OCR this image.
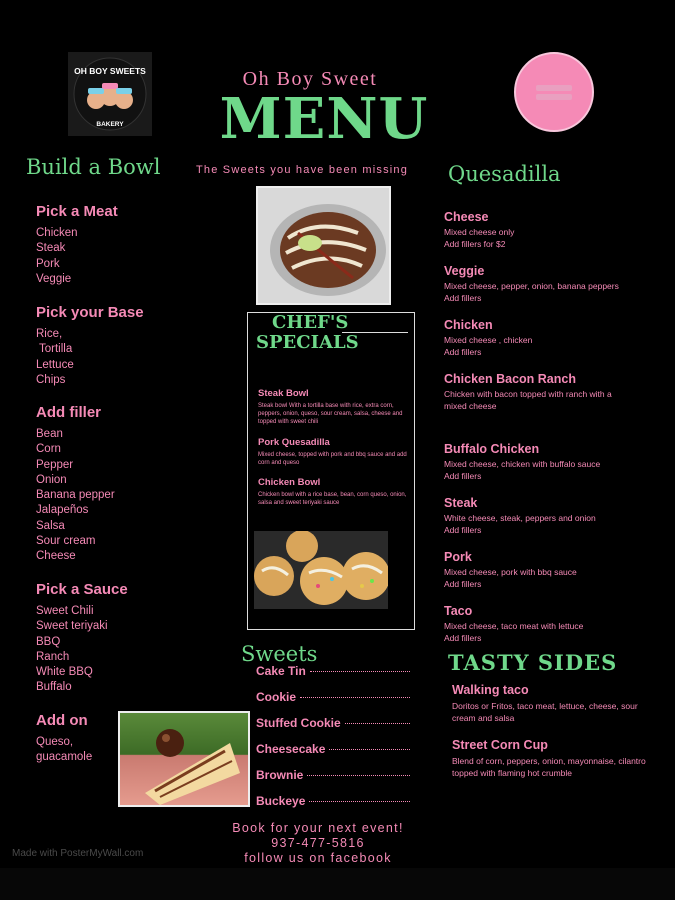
OH BOY SWEETS
BAKERY
Oh Boy Sweet
MENU
The Sweets you have been missing
Build a Bowl
Pick a Meat
Chicken
Steak
Pork
Veggie
Pick your Base
Rice,
Tortilla
Lettuce
Chips
Add filler
Bean
Corn
Pepper
Onion
Banana pepper
Jalapeños
Salsa
Sour cream
Cheese
Pick a Sauce
Sweet Chili
Sweet teriyaki
BBQ
Ranch
White BBQ
Buffalo
Add on
Queso,
guacamole
CHEF'S
SPECIALS
Steak Bowl
Steak bowl With a tortilla base with rice, extra corn, peppers, onion, queso, sour cream, salsa, cheese and topped with sweet chili
Pork Quesadilla
Mixed cheese, topped with pork and bbq sauce and add corn and queso
Chicken Bowl
Chicken bowl with a rice base, bean, corn queso, onion, salsa and sweet teriyaki sauce
Sweets
Cake Tin
Cookie
Stuffed Cookie
Cheesecake
Brownie
Buckeye
Quesadilla
Cheese
Mixed cheese only
Add fillers for $2
Veggie
Mixed cheese, pepper, onion, banana peppers
Add fillers
Chicken
Mixed cheese , chicken
Add fillers
Chicken Bacon Ranch
Chicken with bacon topped with ranch with a
mixed cheese
Buffalo Chicken
Mixed cheese, chicken with buffalo sauce
Add fillers
Steak
White cheese, steak, peppers and onion
Add fillers
Pork
Mixed cheese, pork with bbq sauce
Add fillers
Taco
Mixed cheese, taco meat with lettuce
Add fillers
TASTY SIDES
Walking taco
Doritos or Fritos, taco meat, lettuce, cheese, sour
cream and salsa
Street Corn Cup
Blend of corn, peppers, onion, mayonnaise, cilantro
topped with flaming hot crumble
Book for your next event!
937-477-5816
follow us on facebook
Made with PosterMyWall.com
